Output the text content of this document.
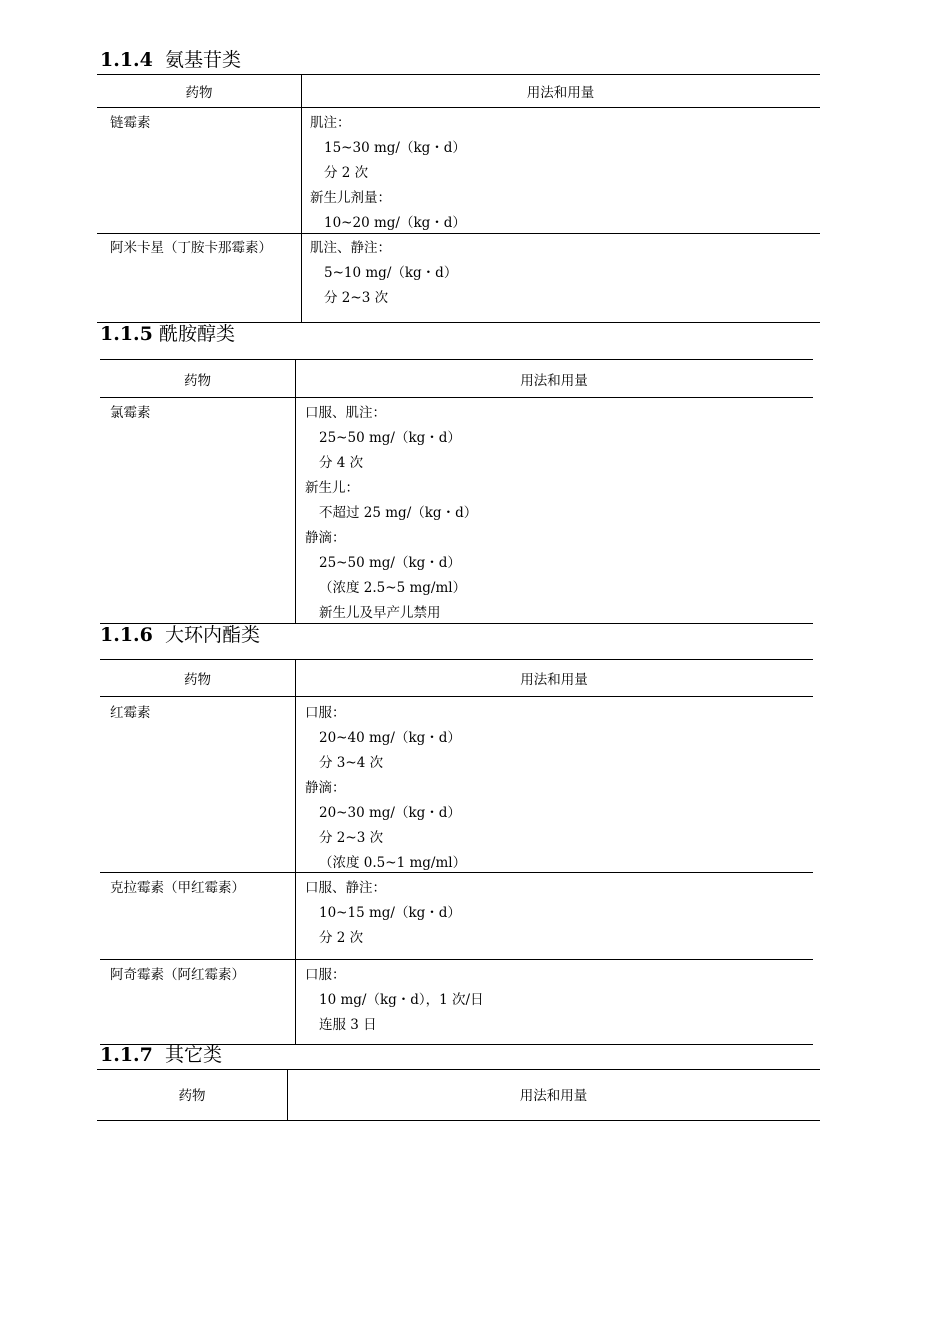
1.1.4 氨基苷类
药物	用法和用量
链霉素	肌注：
15~30 mg/（kg・d）
分 2 次
新生儿剂量：
10~20 mg/（kg・d）
阿米卡星（丁胺卡那霉素）	肌注、静注：
5~10 mg/（kg・d）
分 2~3 次
1.1.5 酰胺醇类
药物	用法和用量
氯霉素	口服、肌注：
25~50 mg/（kg・d）
分 4 次
新生儿：
不超过 25 mg/（kg・d）
静滴：
25~50 mg/（kg・d）
（浓度 2.5~5 mg/ml）
新生儿及早产儿禁用
1.1.6 大环内酯类
药物	用法和用量
红霉素	口服：
20~40 mg/（kg・d）
分 3~4 次
静滴：
20~30 mg/（kg・d）
分 2~3 次
（浓度 0.5~1 mg/ml）
克拉霉素（甲红霉素）	口服、静注：
10~15 mg/（kg・d）
分 2 次
阿奇霉素（阿红霉素）	口服：
10 mg/（kg・d），1 次/日
连服 3 日
1.1.7 其它类
药物	用法和用量
